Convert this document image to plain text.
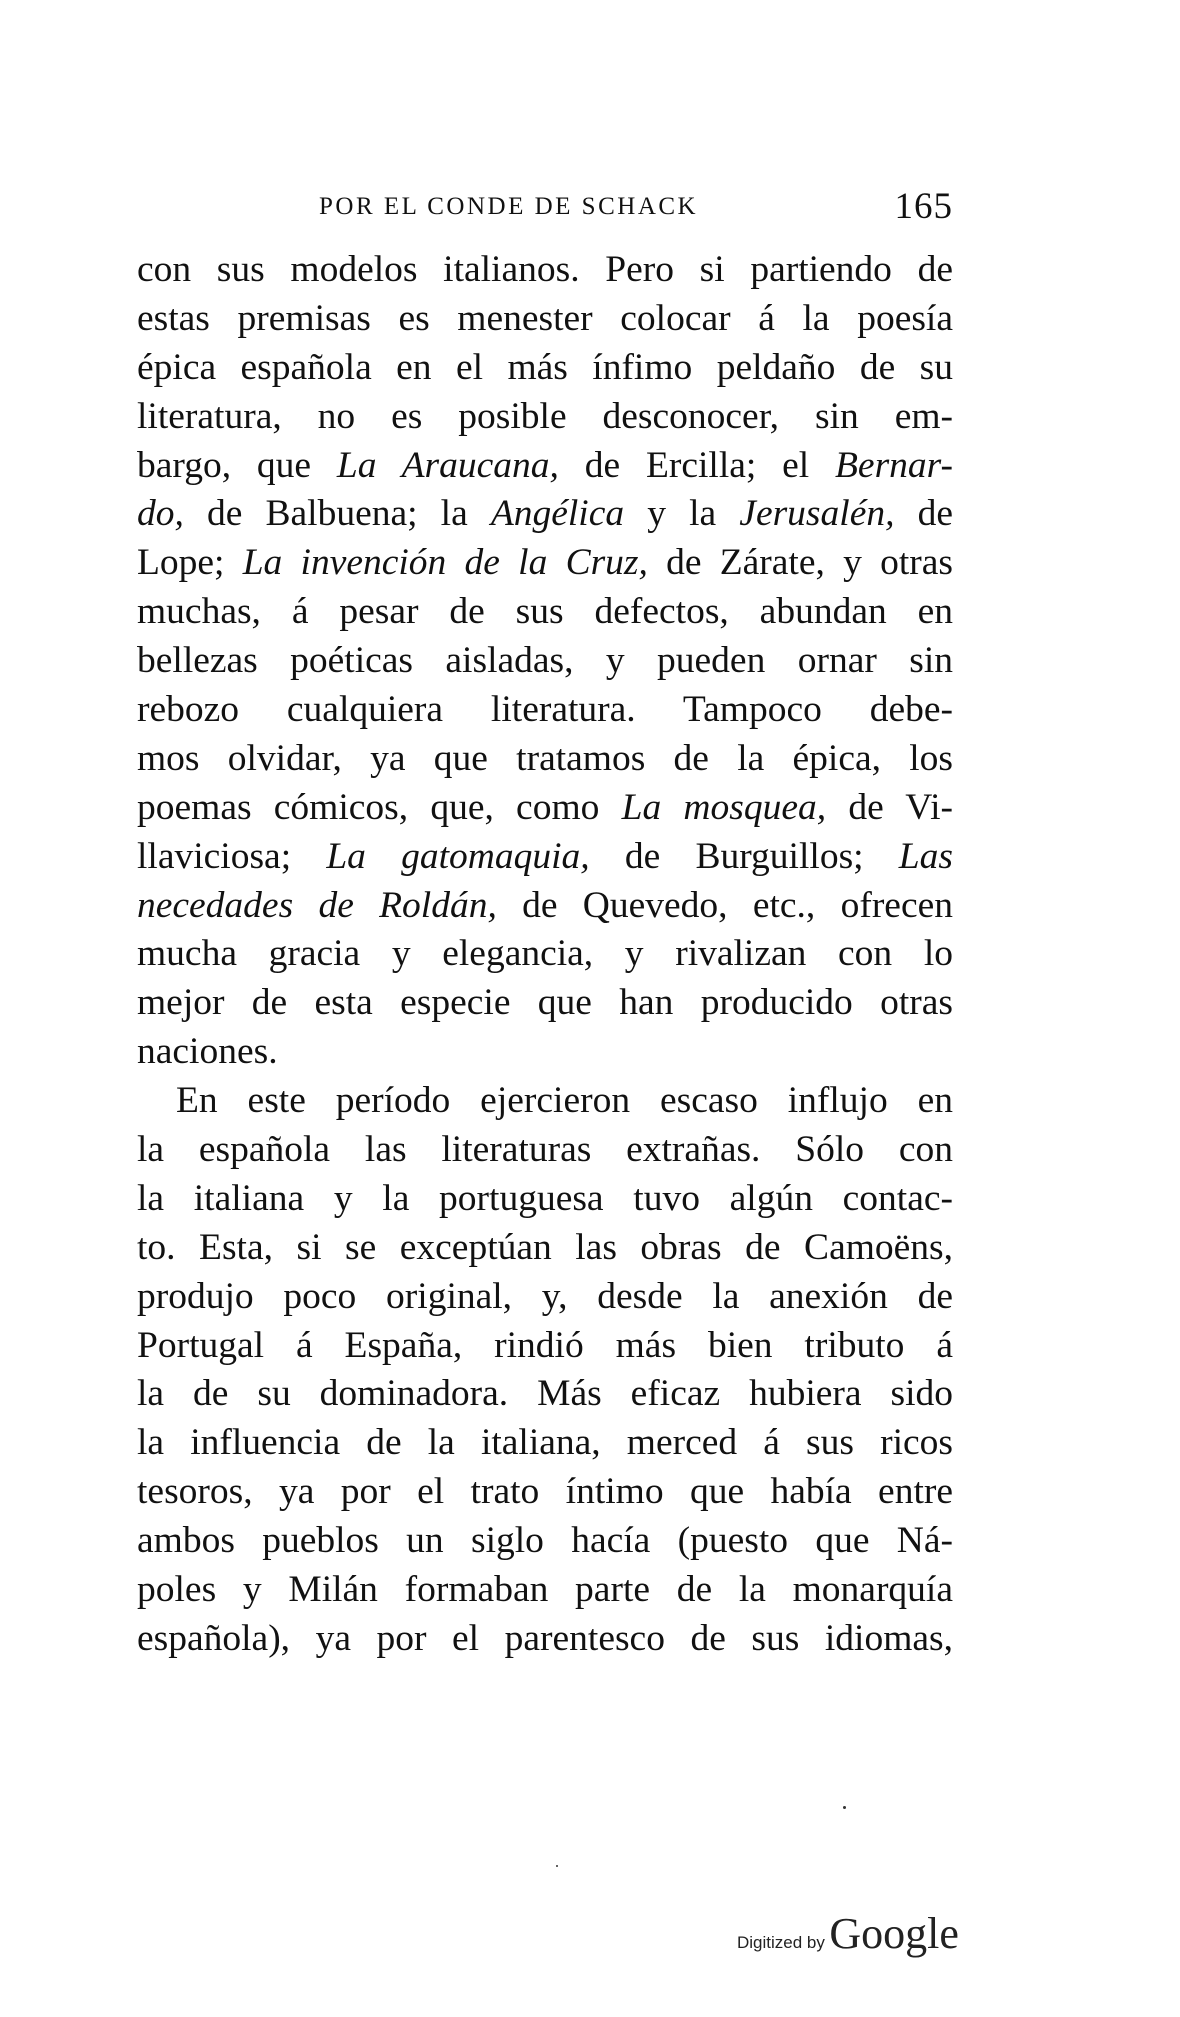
POR EL CONDE DE SCHACK	165
con sus modelos italianos. Pero si partiendo de
estas premisas es menester colocar á la poesía
épica española en el más ínfimo peldaño de su
literatura, no es posible desconocer, sin em-
bargo, que La Araucana, de Ercilla; el Bernar-
do, de Balbuena; la Angélica y la Jerusalén, de
Lope; La invención de la Cruz, de Zárate, y otras
muchas, á pesar de sus defectos, abundan en
bellezas poéticas aisladas, y pueden ornar sin
rebozo cualquiera literatura. Tampoco debe-
mos olvidar, ya que tratamos de la épica, los
poemas cómicos, que, como La mosquea, de Vi-
llaviciosa; La gatomaquia, de Burguillos; Las
necedades de Roldán, de Quevedo, etc., ofrecen
mucha gracia y elegancia, y rivalizan con lo
mejor de esta especie que han producido otras
naciones.
En este período ejercieron escaso influjo en
la española las literaturas extrañas. Sólo con
la italiana y la portuguesa tuvo algún contac-
to. Esta, si se exceptúan las obras de Camoëns,
produjo poco original, y, desde la anexión de
Portugal á España, rindió más bien tributo á
la de su dominadora. Más eficaz hubiera sido
la influencia de la italiana, merced á sus ricos
tesoros, ya por el trato íntimo que había entre
ambos pueblos un siglo hacía (puesto que Ná-
poles y Milán formaban parte de la monarquía
española), ya por el parentesco de sus idiomas,
Digitized by Google
